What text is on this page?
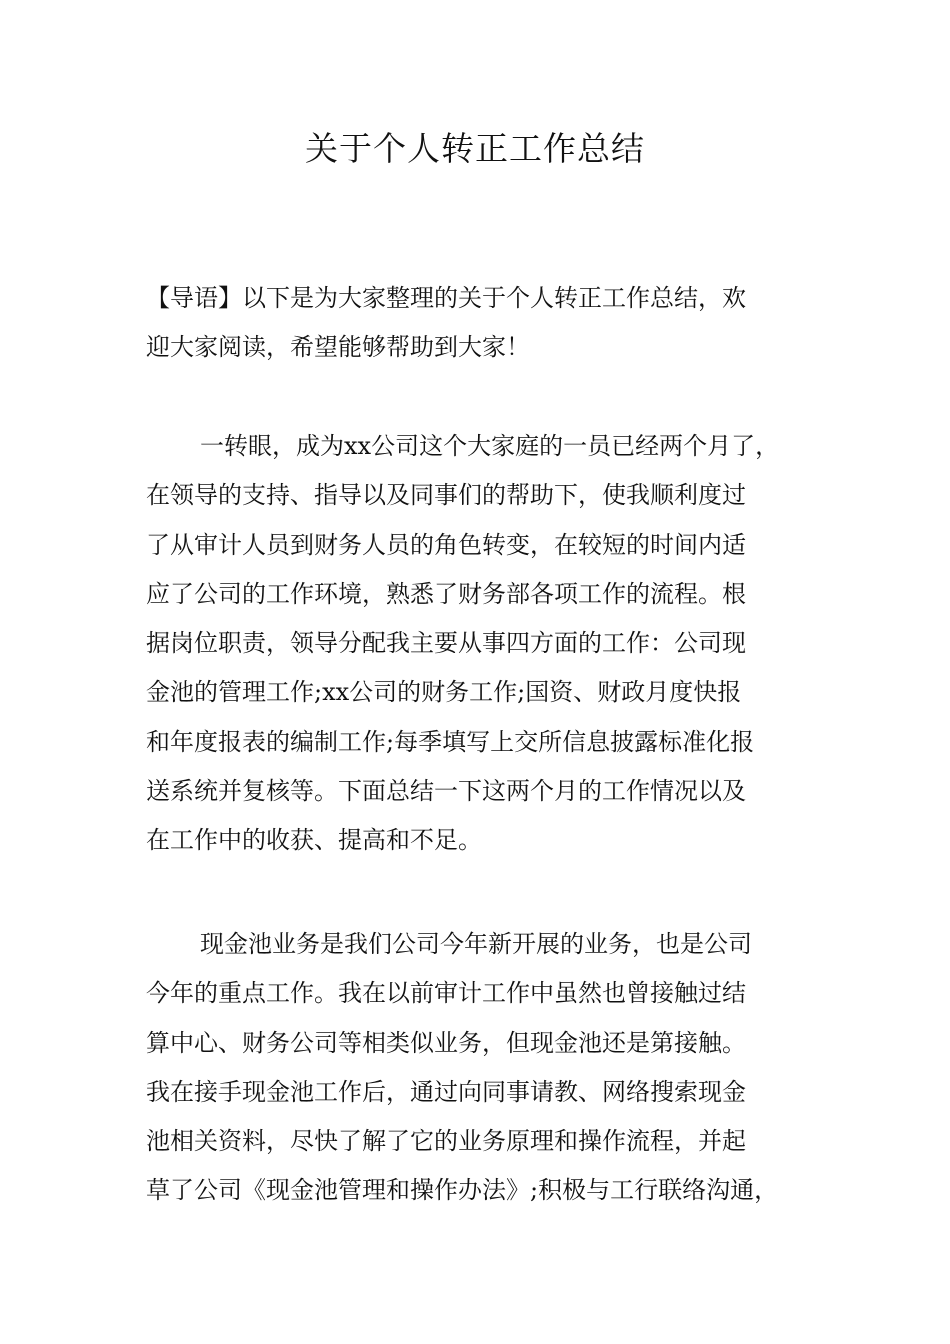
关于个人转正工作总结
【导语】以下是为大家整理的关于个人转正工作总结，欢
迎大家阅读，希望能够帮助到大家！
一转眼，成为xx公司这个大家庭的一员已经两个月了，
在领导的支持、指导以及同事们的帮助下，使我顺利度过
了从审计人员到财务人员的角色转变，在较短的时间内适
应了公司的工作环境，熟悉了财务部各项工作的流程。根
据岗位职责，领导分配我主要从事四方面的工作：公司现
金池的管理工作;xx公司的财务工作;国资、财政月度快报
和年度报表的编制工作;每季填写上交所信息披露标准化报
送系统并复核等。下面总结一下这两个月的工作情况以及
在工作中的收获、提高和不足。
现金池业务是我们公司今年新开展的业务，也是公司
今年的重点工作。我在以前审计工作中虽然也曾接触过结
算中心、财务公司等相类似业务，但现金池还是第接触。
我在接手现金池工作后，通过向同事请教、网络搜索现金
池相关资料，尽快了解了它的业务原理和操作流程，并起
草了公司《现金池管理和操作办法》;积极与工行联络沟通，
